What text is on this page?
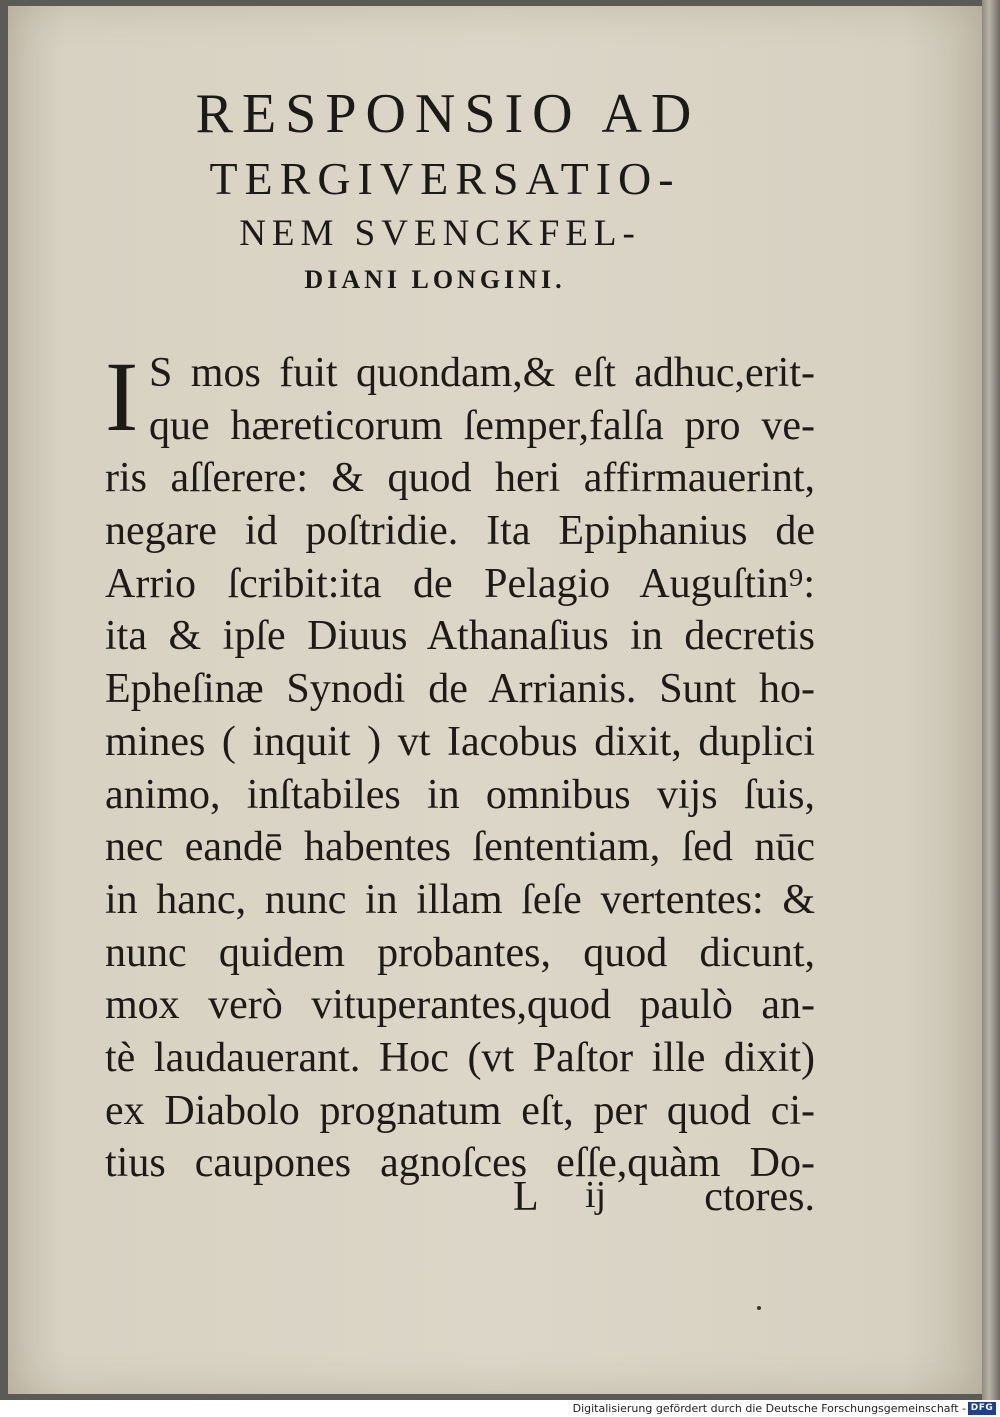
RESPONSIO AD
TERGIVERSATIO-
NEM SVENCKFEL-
DIANI LONGINI.
I S mos fuit quondam,& eſt adhuc,erit-
que hæreticorum ſemper,falſa pro ve-
ris aſſerere: & quod heri affirmauerint,
negare id poſtridie. Ita Epiphanius de
Arrio ſcribit:ita de Pelagio Auguſtin⁹:
ita & ipſe Diuus Athanaſius in decretis
Epheſinæ Synodi de Arrianis. Sunt ho-
mines ( inquit ) vt Iacobus dixit, duplici
animo, inſtabiles in omnibus vijs ſuis,
nec eandē habentes ſententiam, ſed nūc
in hanc, nunc in illam ſeſe vertentes: &
nunc quidem probantes, quod dicunt,
mox verò vituperantes,quod paulò an-
tè laudauerant. Hoc (vt Paſtor ille dixit)
ex Diabolo prognatum eſt, per quod ci-
tius caupones agnoſces eſſe,quàm Do-
L ij ctores.
Digitalisierung gefördert durch die Deutsche Forschungsgemeinschaft - DFG
